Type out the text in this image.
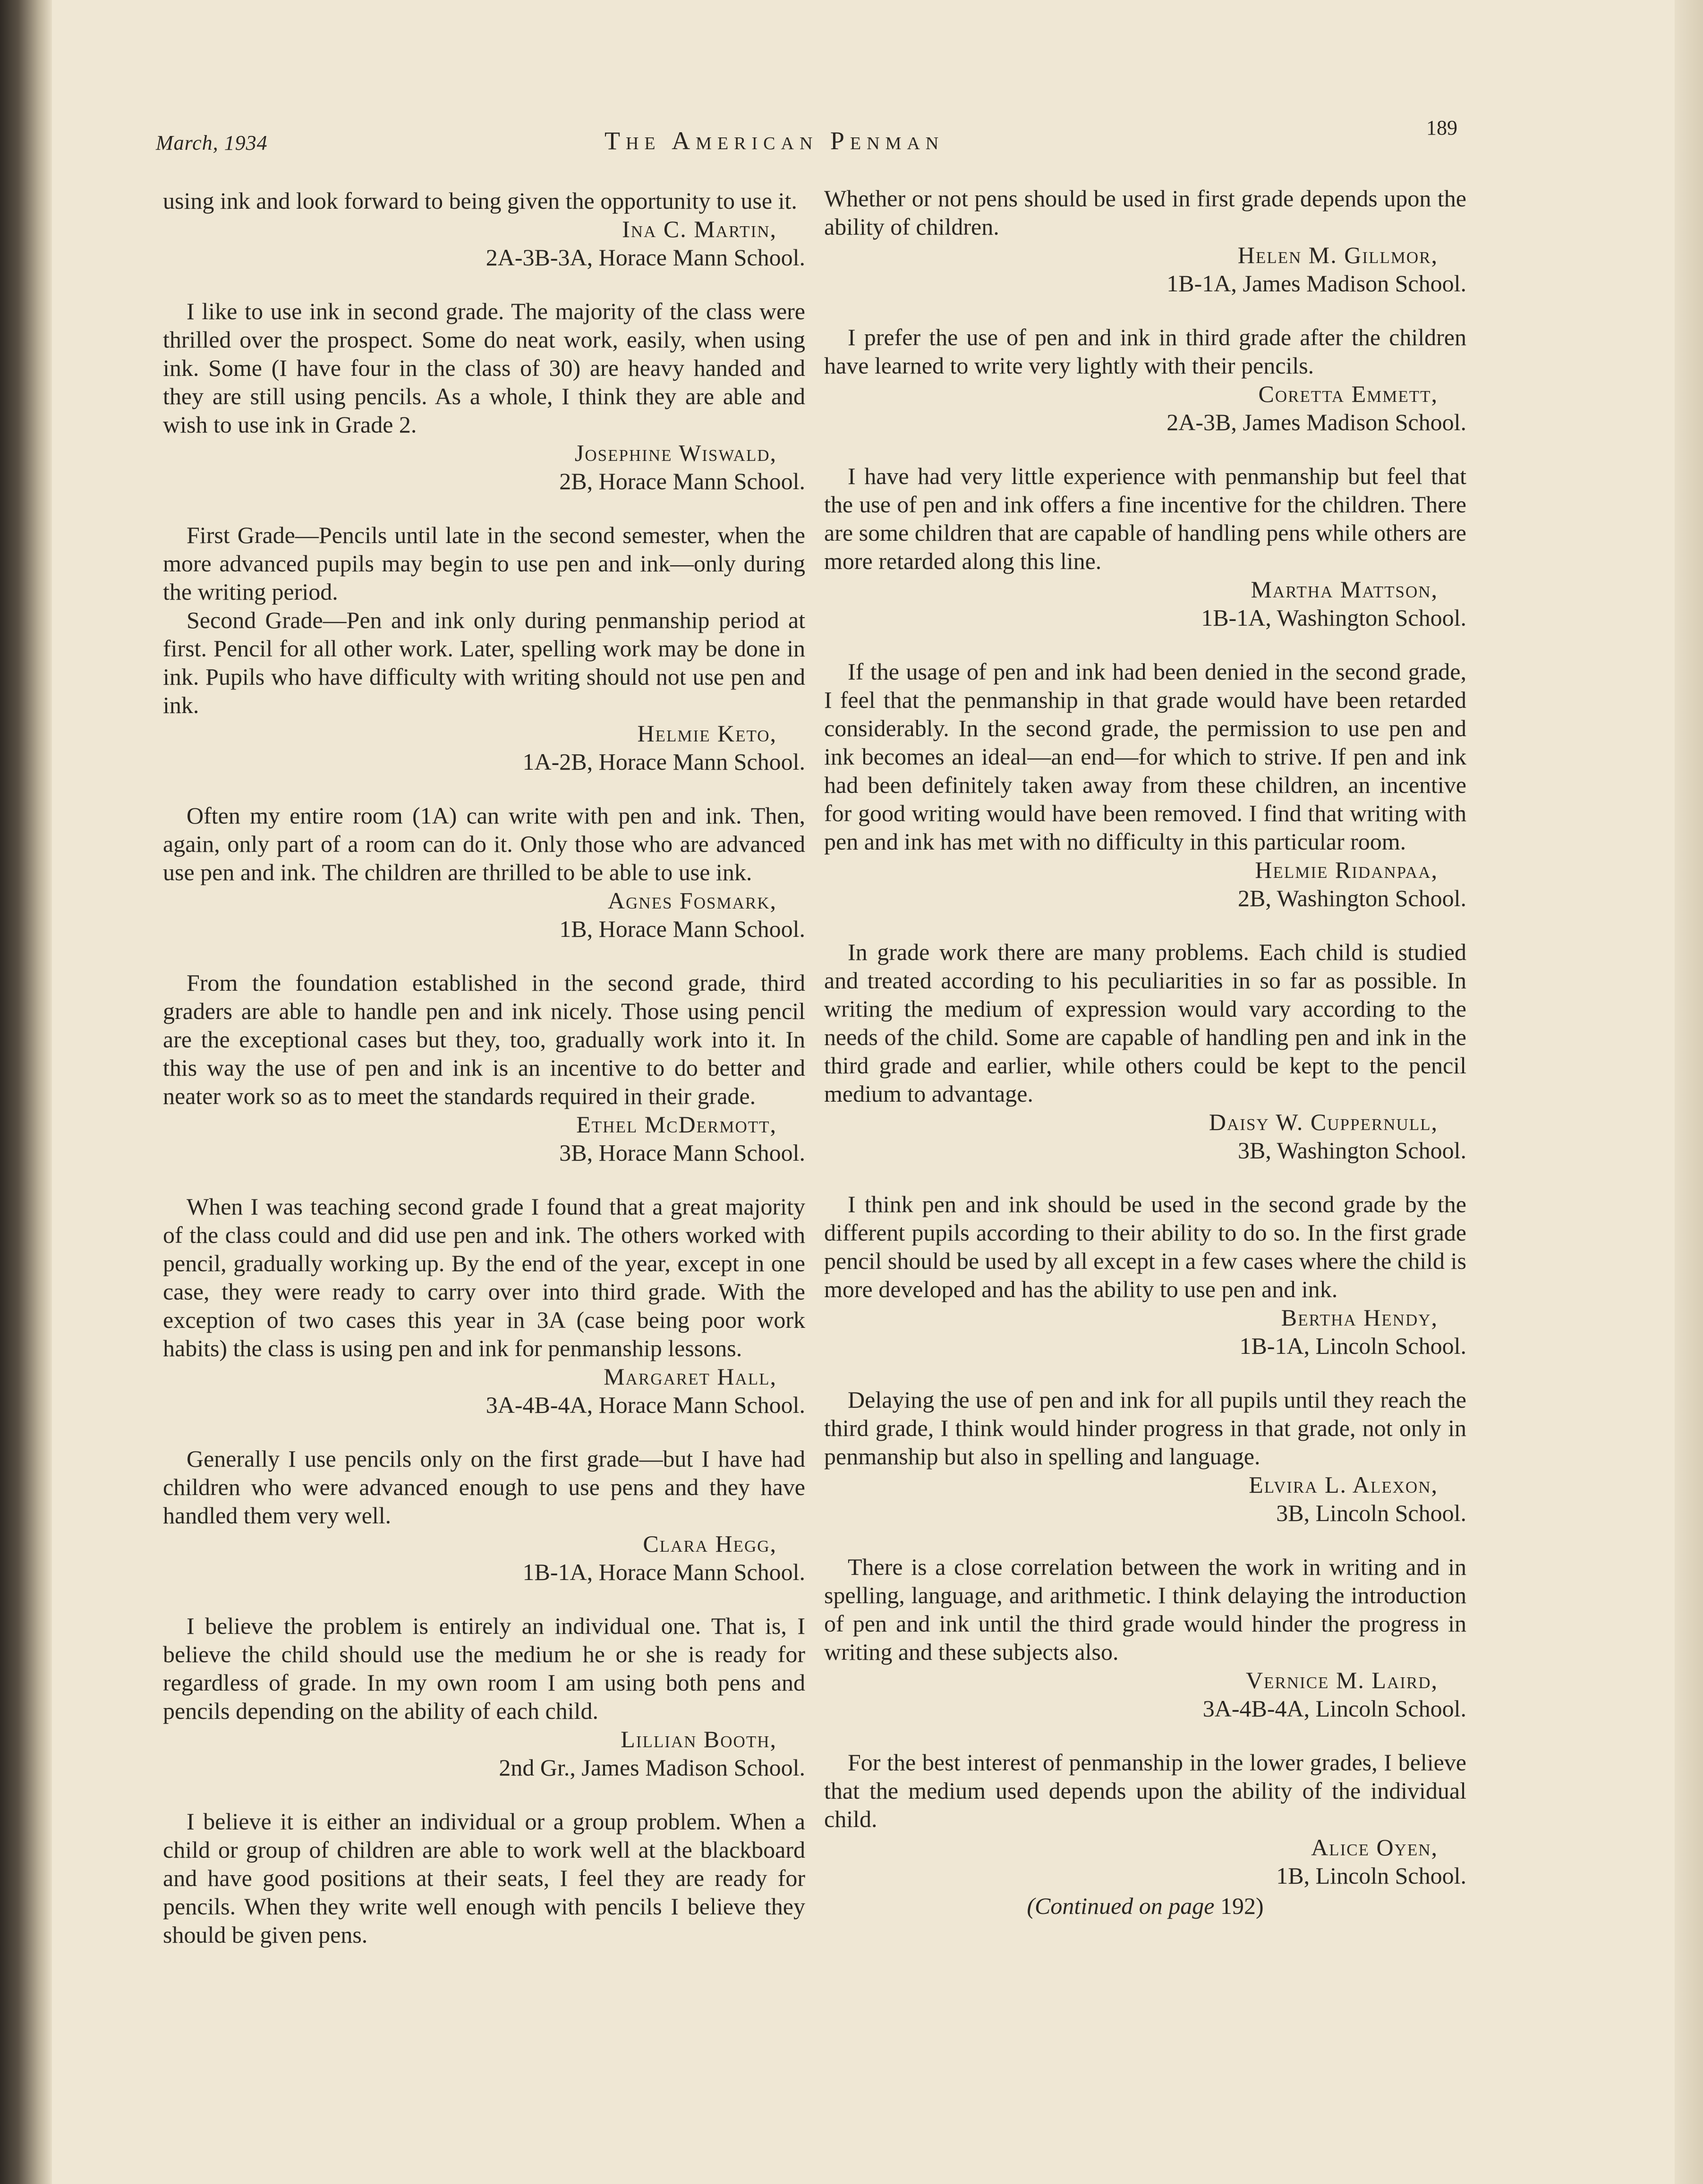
March, 1934	The American Penman	189

using ink and look forward to being given the opportunity to use it.

Ina C. Martin,
2A-3B-3A, Horace Mann School.

I like to use ink in second grade. The majority of the class were thrilled over the prospect. Some do neat work, easily, when using ink. Some (I have four in the class of 30) are heavy handed and they are still using pencils. As a whole, I think they are able and wish to use ink in Grade 2.

Josephine Wiswald,
2B, Horace Mann School.

First Grade—Pencils until late in the second semester, when the more advanced pupils may begin to use pen and ink—only during the writing period.

Second Grade—Pen and ink only during penmanship period at first. Pencil for all other work. Later, spelling work may be done in ink. Pupils who have difficulty with writing should not use pen and ink.

Helmie Keto,
1A-2B, Horace Mann School.

Often my entire room (1A) can write with pen and ink. Then, again, only part of a room can do it. Only those who are advanced use pen and ink. The children are thrilled to be able to use ink.

Agnes Fosmark,
1B, Horace Mann School.

From the foundation established in the second grade, third graders are able to handle pen and ink nicely. Those using pencil are the exceptional cases but they, too, gradually work into it. In this way the use of pen and ink is an incentive to do better and neater work so as to meet the standards required in their grade.

Ethel McDermott,
3B, Horace Mann School.

When I was teaching second grade I found that a great majority of the class could and did use pen and ink. The others worked with pencil, gradually working up. By the end of the year, except in one case, they were ready to carry over into third grade. With the exception of two cases this year in 3A (case being poor work habits) the class is using pen and ink for penmanship lessons.

Margaret Hall,
3A-4B-4A, Horace Mann School.

Generally I use pencils only on the first grade—but I have had children who were advanced enough to use pens and they have handled them very well.

Clara Hegg,
1B-1A, Horace Mann School.

I believe the problem is entirely an individual one. That is, I believe the child should use the medium he or she is ready for regardless of grade. In my own room I am using both pens and pencils depending on the ability of each child.

Lillian Booth,
2nd Gr., James Madison School.

I believe it is either an individual or a group problem. When a child or group of children are able to work well at the blackboard and have good positions at their seats, I feel they are ready for pencils. When they write well enough with pencils I believe they should be given pens.

Whether or not pens should be used in first grade depends upon the ability of children.

Helen M. Gillmor,
1B-1A, James Madison School.

I prefer the use of pen and ink in third grade after the children have learned to write very lightly with their pencils.

Coretta Emmett,
2A-3B, James Madison School.

I have had very little experience with penmanship but feel that the use of pen and ink offers a fine incentive for the children. There are some children that are capable of handling pens while others are more retarded along this line.

Martha Mattson,
1B-1A, Washington School.

If the usage of pen and ink had been denied in the second grade, I feel that the penmanship in that grade would have been retarded considerably. In the second grade, the permission to use pen and ink becomes an ideal—an end—for which to strive. If pen and ink had been definitely taken away from these children, an incentive for good writing would have been removed. I find that writing with pen and ink has met with no difficulty in this particular room.

Helmie Ridanpaa,
2B, Washington School.

In grade work there are many problems. Each child is studied and treated according to his peculiarities in so far as possible. In writing the medium of expression would vary according to the needs of the child. Some are capable of handling pen and ink in the third grade and earlier, while others could be kept to the pencil medium to advantage.

Daisy W. Cuppernull,
3B, Washington School.

I think pen and ink should be used in the second grade by the different pupils according to their ability to do so. In the first grade pencil should be used by all except in a few cases where the child is more developed and has the ability to use pen and ink.

Bertha Hendy,
1B-1A, Lincoln School.

Delaying the use of pen and ink for all pupils until they reach the third grade, I think would hinder progress in that grade, not only in penmanship but also in spelling and language.

Elvira L. Alexon,
3B, Lincoln School.

There is a close correlation between the work in writing and in spelling, language, and arithmetic. I think delaying the introduction of pen and ink until the third grade would hinder the progress in writing and these subjects also.

Vernice M. Laird,
3A-4B-4A, Lincoln School.

For the best interest of penmanship in the lower grades, I believe that the medium used depends upon the ability of the individual child.

Alice Oyen,
1B, Lincoln School.
(Continued on page 192)
